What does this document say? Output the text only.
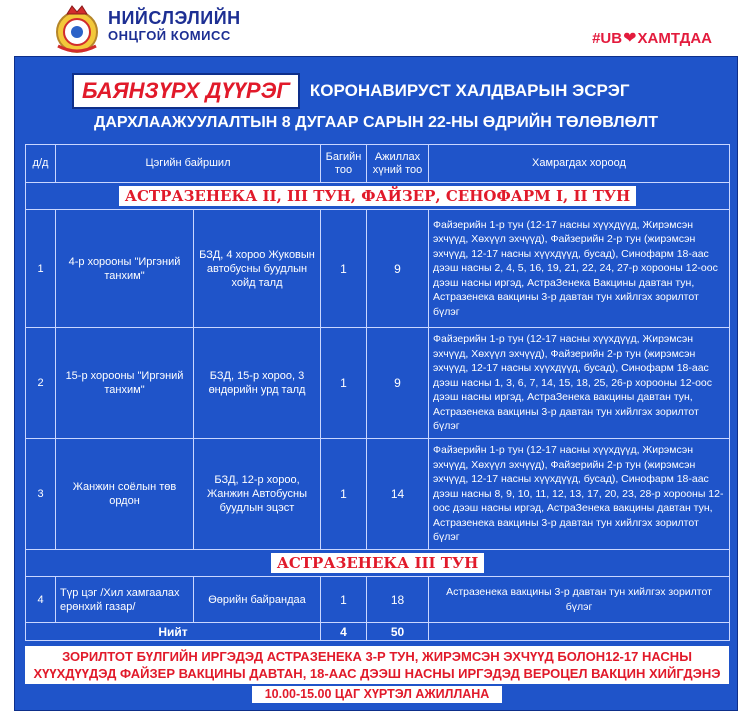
НИЙСЛЭЛИЙН
ОНЦГОЙ КОМИСС	#UB ❤ ХАМТДАА
БАЯНЗҮРХ ДҮҮРЭГ	КОРОНАВИРУСТ ХАЛДВАРЫН ЭСРЭГ
ДАРХЛААЖУУЛАЛТЫН 8 ДУГААР САРЫН 22-НЫ ӨДРИЙН ТӨЛӨВЛӨЛТ
д/д	Цэгийн байршил		Багийн тоо	Ажиллах хүний тоо	Хамрагдах хороод
АСТРАЗЕНЕКА II, III ТУН, ФАЙЗЕР, СЕНОФАРМ I, II ТУН					
1	4-р хорооны "Иргэний танхим"	БЗД, 4 хороо Жуковын автобусны буудлын хойд талд	1	9	Файзерийн 1-р тун (12-17 насны хүүхдүүд, Жирэмсэн эхчүүд, Хөхүүл эхчүүд), Файзерийн 2-р тун (жирэмсэн эхчүүд, 12-17 насны хүүхдүүд, бусад), Синофарм 18-аас дээш насны 2, 4, 5, 16, 19, 21, 22, 24, 27-р хорооны 12-оос дээш насны иргэд, АстраЗенека Вакцины давтан тун, Астразенека вакцины 3-р давтан тун хийлгэх зорилтот бүлэг
2	15-р хорооны "Иргэний танхим"	БЗД, 15-р хороо, 3 өндөрийн урд талд	1	9	Файзерийн 1-р тун (12-17 насны хүүхдүүд, Жирэмсэн эхчүүд, Хөхүүл эхчүүд), Файзерийн 2-р тун (жирэмсэн эхчүүд, 12-17 насны хүүхдүүд, бусад), Синофарм 18-аас дээш насны 1, 3, 6, 7, 14, 15, 18, 25, 26-р хорооны 12-оос дээш насны иргэд, АстраЗенека вакцины давтан тун, Астразенека вакцины 3-р давтан тун хийлгэх зорилтот бүлэг
3	Жанжин соёлын төв ордон	БЗД, 12-р хороо, Жанжин Автобусны буудлын эцэст	1	14	Файзерийн 1-р тун (12-17 насны хүүхдүүд, Жирэмсэн эхчүүд, Хөхүүл эхчүүд), Файзерийн 2-р тун (жирэмсэн эхчүүд, 12-17 насны хүүхдүүд, бусад), Синофарм 18-аас дээш насны 8, 9, 10, 11, 12, 13, 17, 20, 23, 28-р хорооны 12-оос дээш насны иргэд, АстраЗенека вакцины давтан тун, Астразенека вакцины 3-р давтан тун хийлгэх зорилтот бүлэг
АСТРАЗЕНЕКА III ТУН					
4	Түр цэг /Хил хамгаалах ерөнхий газар/	Өөрийн байрандаа	1	18	Астразенека вакцины 3-р давтан тун хийлгэх зорилтот бүлэг
Нийт			4	50	
ЗОРИЛТОТ БҮЛГИЙН ИРГЭДЭД АСТРАЗЕНЕКА 3-Р ТУН, ЖИРЭМСЭН ЭХЧҮҮД БОЛОН12-17 НАСНЫ ХҮҮХДҮҮДЭД ФАЙЗЕР ВАКЦИНЫ ДАВТАН, 18-ААС ДЭЭШ НАСНЫ ИРГЭДЭД ВЕРОЦЕЛ ВАКЦИН ХИЙГДЭНЭ
10.00-15.00 ЦАГ ХҮРТЭЛ АЖИЛЛАНА
